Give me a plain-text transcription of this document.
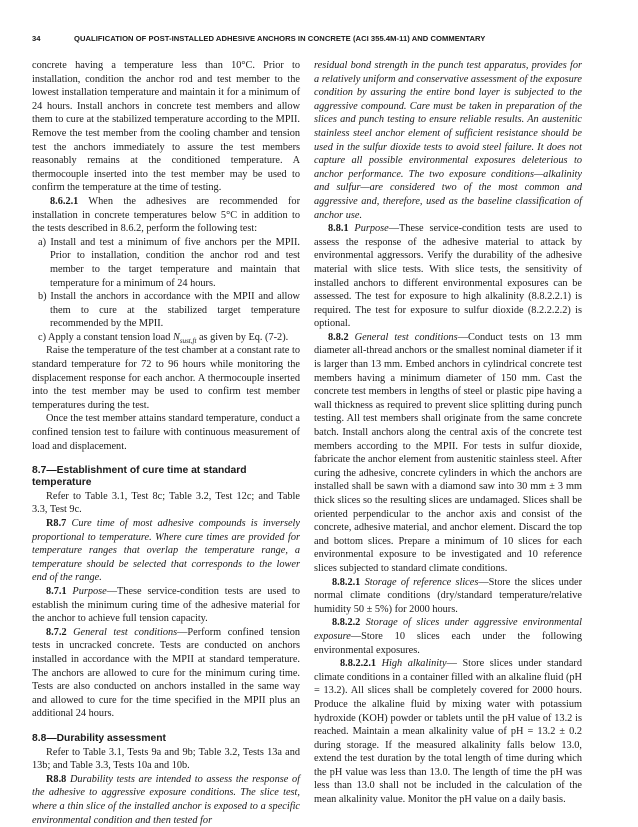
34	QUALIFICATION OF POST-INSTALLED ADHESIVE ANCHORS IN CONCRETE (ACI 355.4M-11) AND COMMENTARY

concrete having a temperature less than 10°C. Prior to installation, condition the anchor rod and test member to the lowest installation temperature and maintain it for a minimum of 24 hours. Install anchors in concrete test members and allow them to cure at the stabilized temperature according to the MPII. Remove the test member from the cooling chamber and tension test the anchors immediately to assure the test members reasonably remains at the conditioned temperature. A thermocouple inserted into the test member may be used to confirm the temperature at the time of testing.

8.6.2.1 When the adhesives are recommended for installation in concrete temperatures below 5°C in addition to the tests described in 8.6.2, perform the following test:

a) Install and test a minimum of five anchors per the MPII. Prior to installation, condition the anchor rod and test member to the target temperature and maintain that temperature for a minimum of 24 hours.

b) Install the anchors in accordance with the MPII and allow them to cure at the stabilized target temperature recommended by the MPII.

c) Apply a constant tension load $N_{sust,ft}$ as given by Eq. (7-2).

Raise the temperature of the test chamber at a constant rate to standard temperature for 72 to 96 hours while monitoring the displacement response for each anchor. A thermocouple inserted into the test member may be used to confirm test member temperatures during the test.

Once the test member attains standard temperature, conduct a confined tension test to failure with continuous measurement of load and displacement.

8.7—Establishment of cure time at standard temperature

Refer to Table 3.1, Test 8c; Table 3.2, Test 12c; and Table 3.3, Test 9c.

R8.7 Cure time of most adhesive compounds is inversely proportional to temperature. Where cure times are provided for temperature ranges that overlap the temperature range, a temperature should be selected that corresponds to the lower end of the range.

8.7.1 Purpose—These service-condition tests are used to establish the minimum curing time of the adhesive material for the anchor to achieve full tension capacity.

8.7.2 General test conditions—Perform confined tension tests in uncracked concrete. Tests are conducted on anchors installed in accordance with the MPII at standard temperature. The anchors are allowed to cure for the minimum curing time. Tests are also conducted on anchors installed in the same way and allowed to cure for the time specified in the MPII plus an additional 24 hours.

8.8—Durability assessment

Refer to Table 3.1, Tests 9a and 9b; Table 3.2, Tests 13a and 13b; and Table 3.3, Tests 10a and 10b.

R8.8 Durability tests are intended to assess the response of the adhesive to aggressive exposure conditions. The slice test, where a thin slice of the installed anchor is exposed to a specific environmental condition and then tested for

residual bond strength in the punch test apparatus, provides for a relatively uniform and conservative assessment of the exposure condition by assuring the entire bond layer is subjected to the aggressive compound. Care must be taken in preparation of the slices and punch testing to ensure reliable results. An austenitic stainless steel anchor element of sufficient resistance should be used in the sulfur dioxide tests to avoid steel failure. It does not capture all possible environmental exposures deleterious to anchor performance. The two exposure conditions—alkalinity and sulfur—are considered two of the most common and aggressive and, therefore, used as the baseline classification of anchor use.

8.8.1 Purpose—These service-condition tests are used to assess the response of the adhesive material to attack by environmental aggressors. Verify the durability of the adhesive material with slice tests. With slice tests, the sensitivity of installed anchors to different environmental exposures can be assessed. The test for exposure to high alkalinity (8.8.2.2.1) is required. The test for exposure to sulfur dioxide (8.2.2.2.2) is optional.

8.8.2 General test conditions—Conduct tests on 13 mm diameter all-thread anchors or the smallest nominal diameter if it is larger than 13 mm. Embed anchors in cylindrical concrete test members having a minimum diameter of 150 mm. Cast the concrete test members in lengths of steel or plastic pipe having a wall thickness as required to prevent slice splitting during punch testing. All test members shall originate from the same concrete batch. Install anchors along the central axis of the concrete test members according to the MPII. For tests in sulfur dioxide, fabricate the anchor element from austenitic stainless steel. After curing the adhesive, concrete cylinders in which the anchors are installed shall be sawn with a diamond saw into 30 mm ± 3 mm thick slices so the resulting slices are undamaged. Slices shall be oriented perpendicular to the anchor axis and consist of the concrete, adhesive material, and anchor element. Discard the top and bottom slices. Prepare a minimum of 10 slices for each environmental exposure to be investigated and 10 reference slices subjected to standard climate conditions.

8.8.2.1 Storage of reference slices—Store the slices under normal climate conditions (dry/standard temperature/relative humidity 50 ± 5%) for 2000 hours.

8.8.2.2 Storage of slices under aggressive environmental exposure—Store 10 slices each under the following environmental exposures.

8.8.2.2.1 High alkalinity— Store slices under standard climate conditions in a container filled with an alkaline fluid (pH = 13.2). All slices shall be completely covered for 2000 hours. Produce the alkaline fluid by mixing water with potassium hydroxide (KOH) powder or tablets until the pH value of 13.2 is reached. Maintain a mean alkalinity value of pH = 13.2 ± 0.2 during storage. If the measured alkalinity falls below 13.0, extend the test duration by the total length of time during which the pH value was less than 13.0. The length of time the pH was less than 13.0 shall not be included in the calculation of the mean alkalinity value. Monitor the pH value on a daily basis.
